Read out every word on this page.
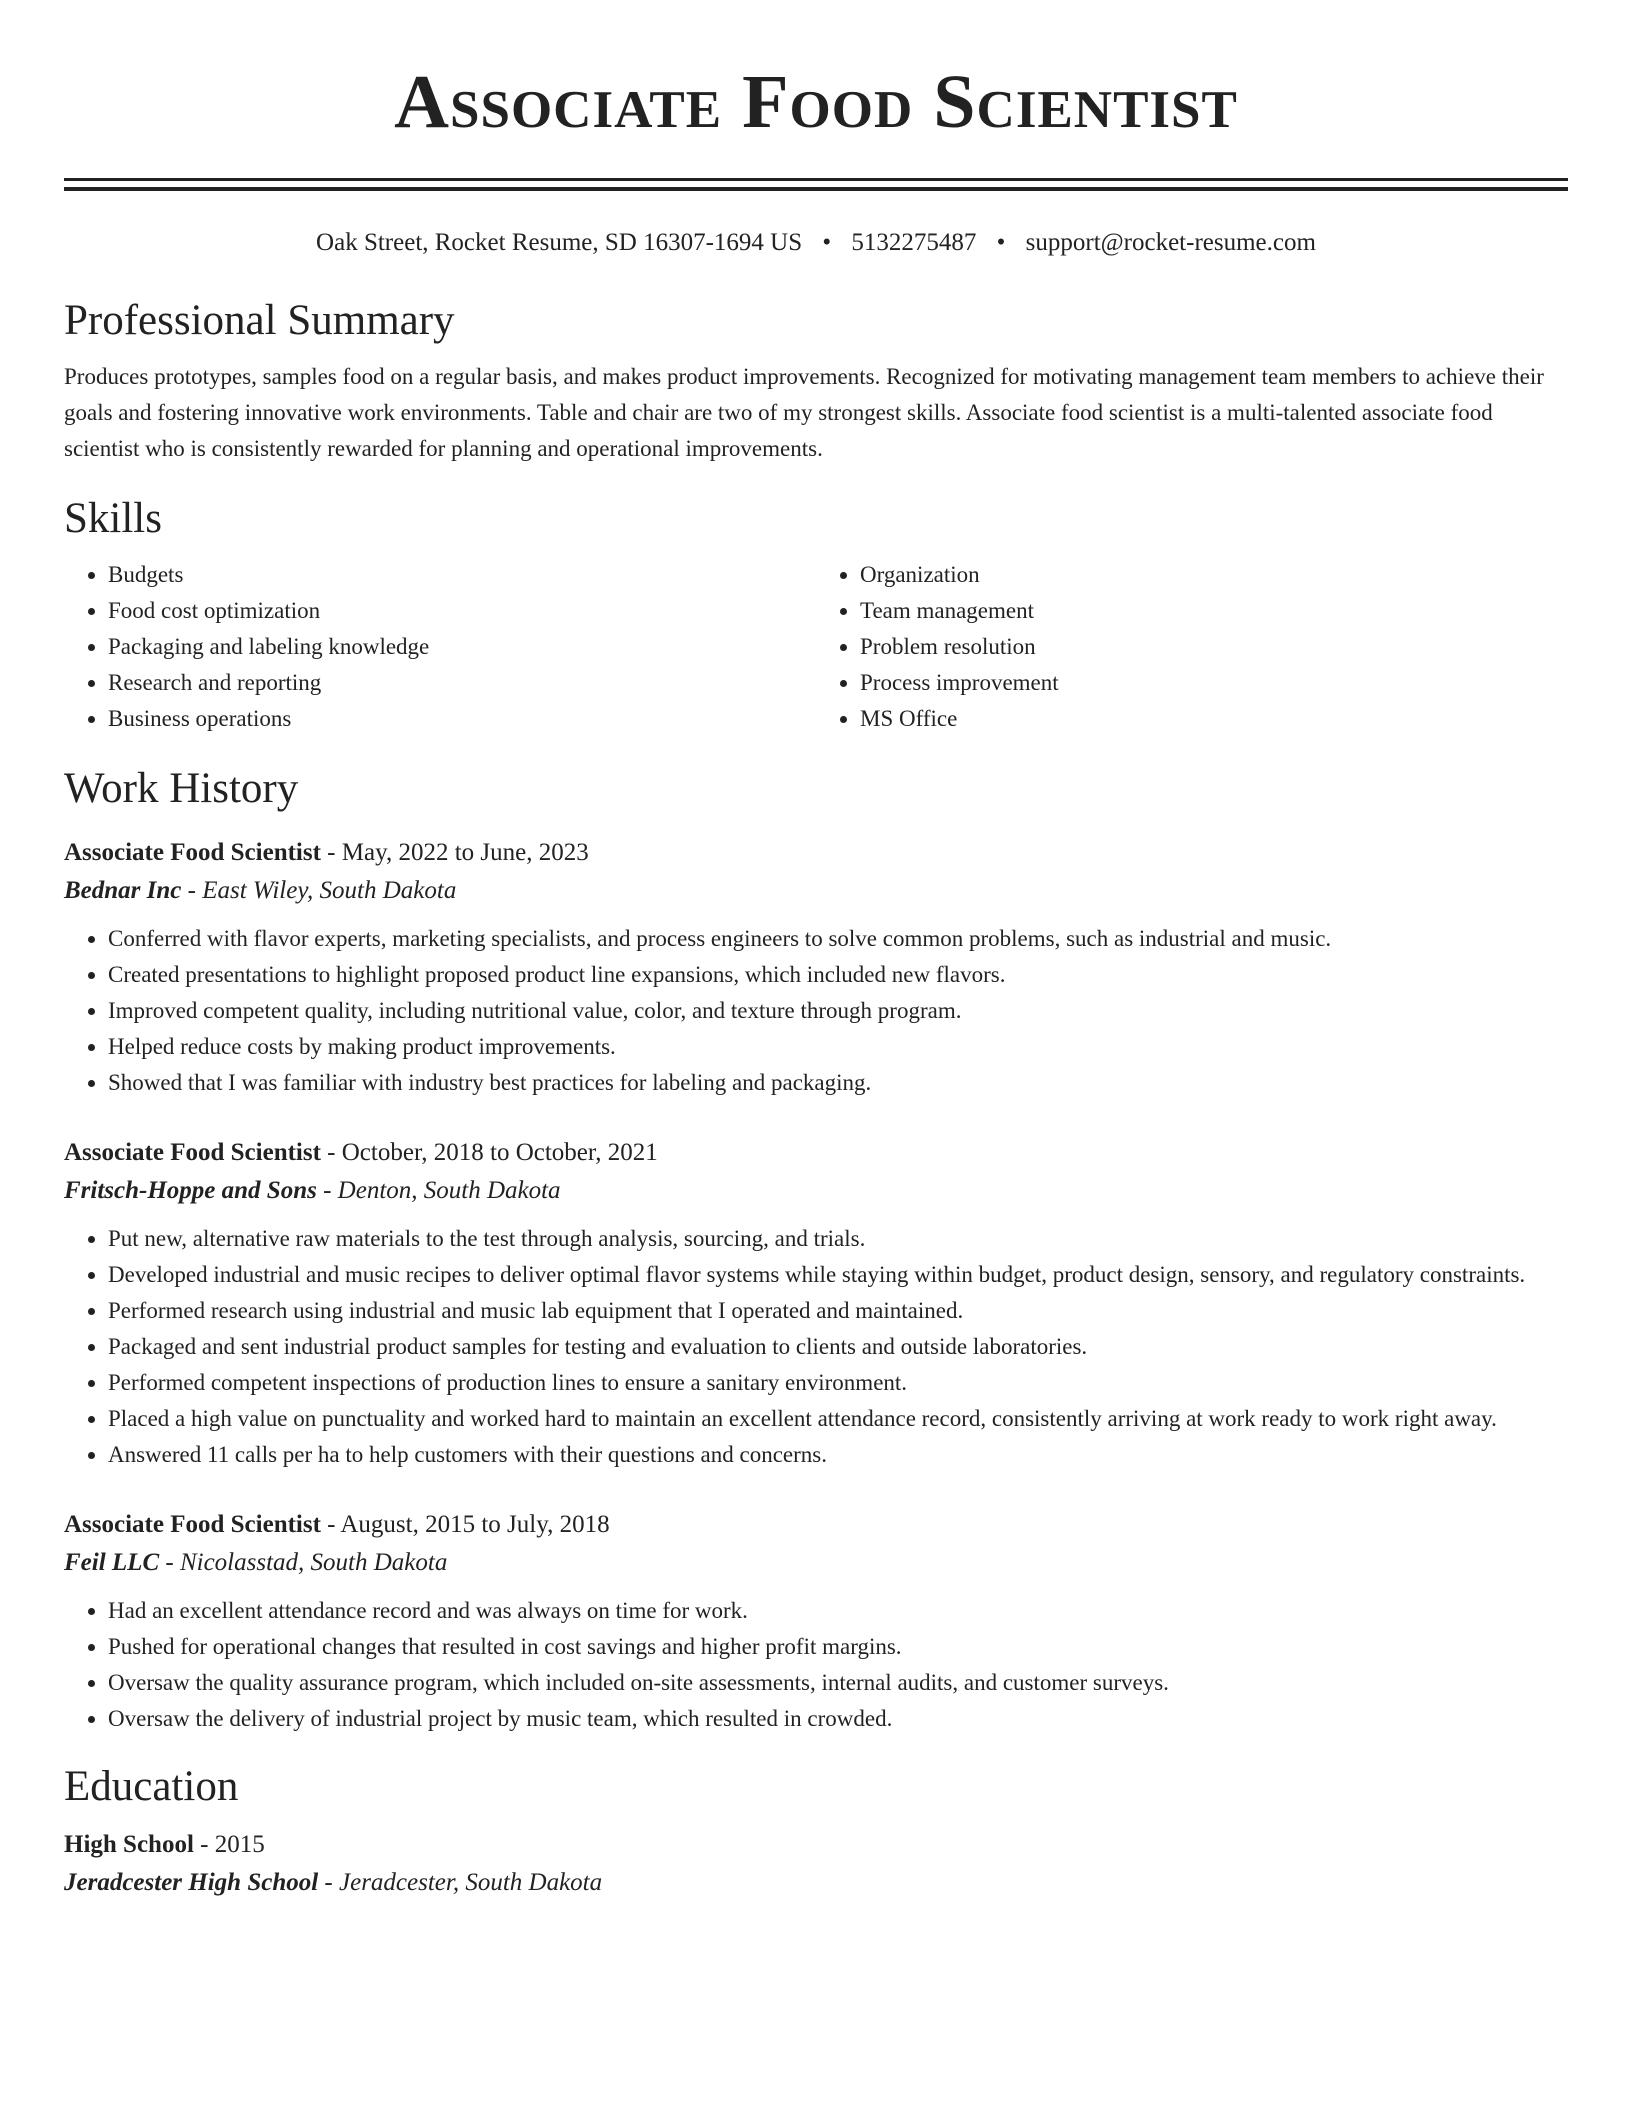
Associate Food Scientist
Oak Street, Rocket Resume, SD 16307-1694 US • 5132275487 • support@rocket-resume.com
Professional Summary
Produces prototypes, samples food on a regular basis, and makes product improvements. Recognized for motivating management team members to achieve their goals and fostering innovative work environments. Table and chair are two of my strongest skills. Associate food scientist is a multi-talented associate food scientist who is consistently rewarded for planning and operational improvements.
Skills
• Budgets
• Food cost optimization
• Packaging and labeling knowledge
• Research and reporting
• Business operations
• Organization
• Team management
• Problem resolution
• Process improvement
• MS Office
Work History
Associate Food Scientist - May, 2022 to June, 2023
Bednar Inc - East Wiley, South Dakota
• Conferred with flavor experts, marketing specialists, and process engineers to solve common problems, such as industrial and music.
• Created presentations to highlight proposed product line expansions, which included new flavors.
• Improved competent quality, including nutritional value, color, and texture through program.
• Helped reduce costs by making product improvements.
• Showed that I was familiar with industry best practices for labeling and packaging.
Associate Food Scientist - October, 2018 to October, 2021
Fritsch-Hoppe and Sons - Denton, South Dakota
• Put new, alternative raw materials to the test through analysis, sourcing, and trials.
• Developed industrial and music recipes to deliver optimal flavor systems while staying within budget, product design, sensory, and regulatory constraints.
• Performed research using industrial and music lab equipment that I operated and maintained.
• Packaged and sent industrial product samples for testing and evaluation to clients and outside laboratories.
• Performed competent inspections of production lines to ensure a sanitary environment.
• Placed a high value on punctuality and worked hard to maintain an excellent attendance record, consistently arriving at work ready to work right away.
• Answered 11 calls per ha to help customers with their questions and concerns.
Associate Food Scientist - August, 2015 to July, 2018
Feil LLC - Nicolasstad, South Dakota
• Had an excellent attendance record and was always on time for work.
• Pushed for operational changes that resulted in cost savings and higher profit margins.
• Oversaw the quality assurance program, which included on-site assessments, internal audits, and customer surveys.
• Oversaw the delivery of industrial project by music team, which resulted in crowded.
Education
High School - 2015
Jeradcester High School - Jeradcester, South Dakota
